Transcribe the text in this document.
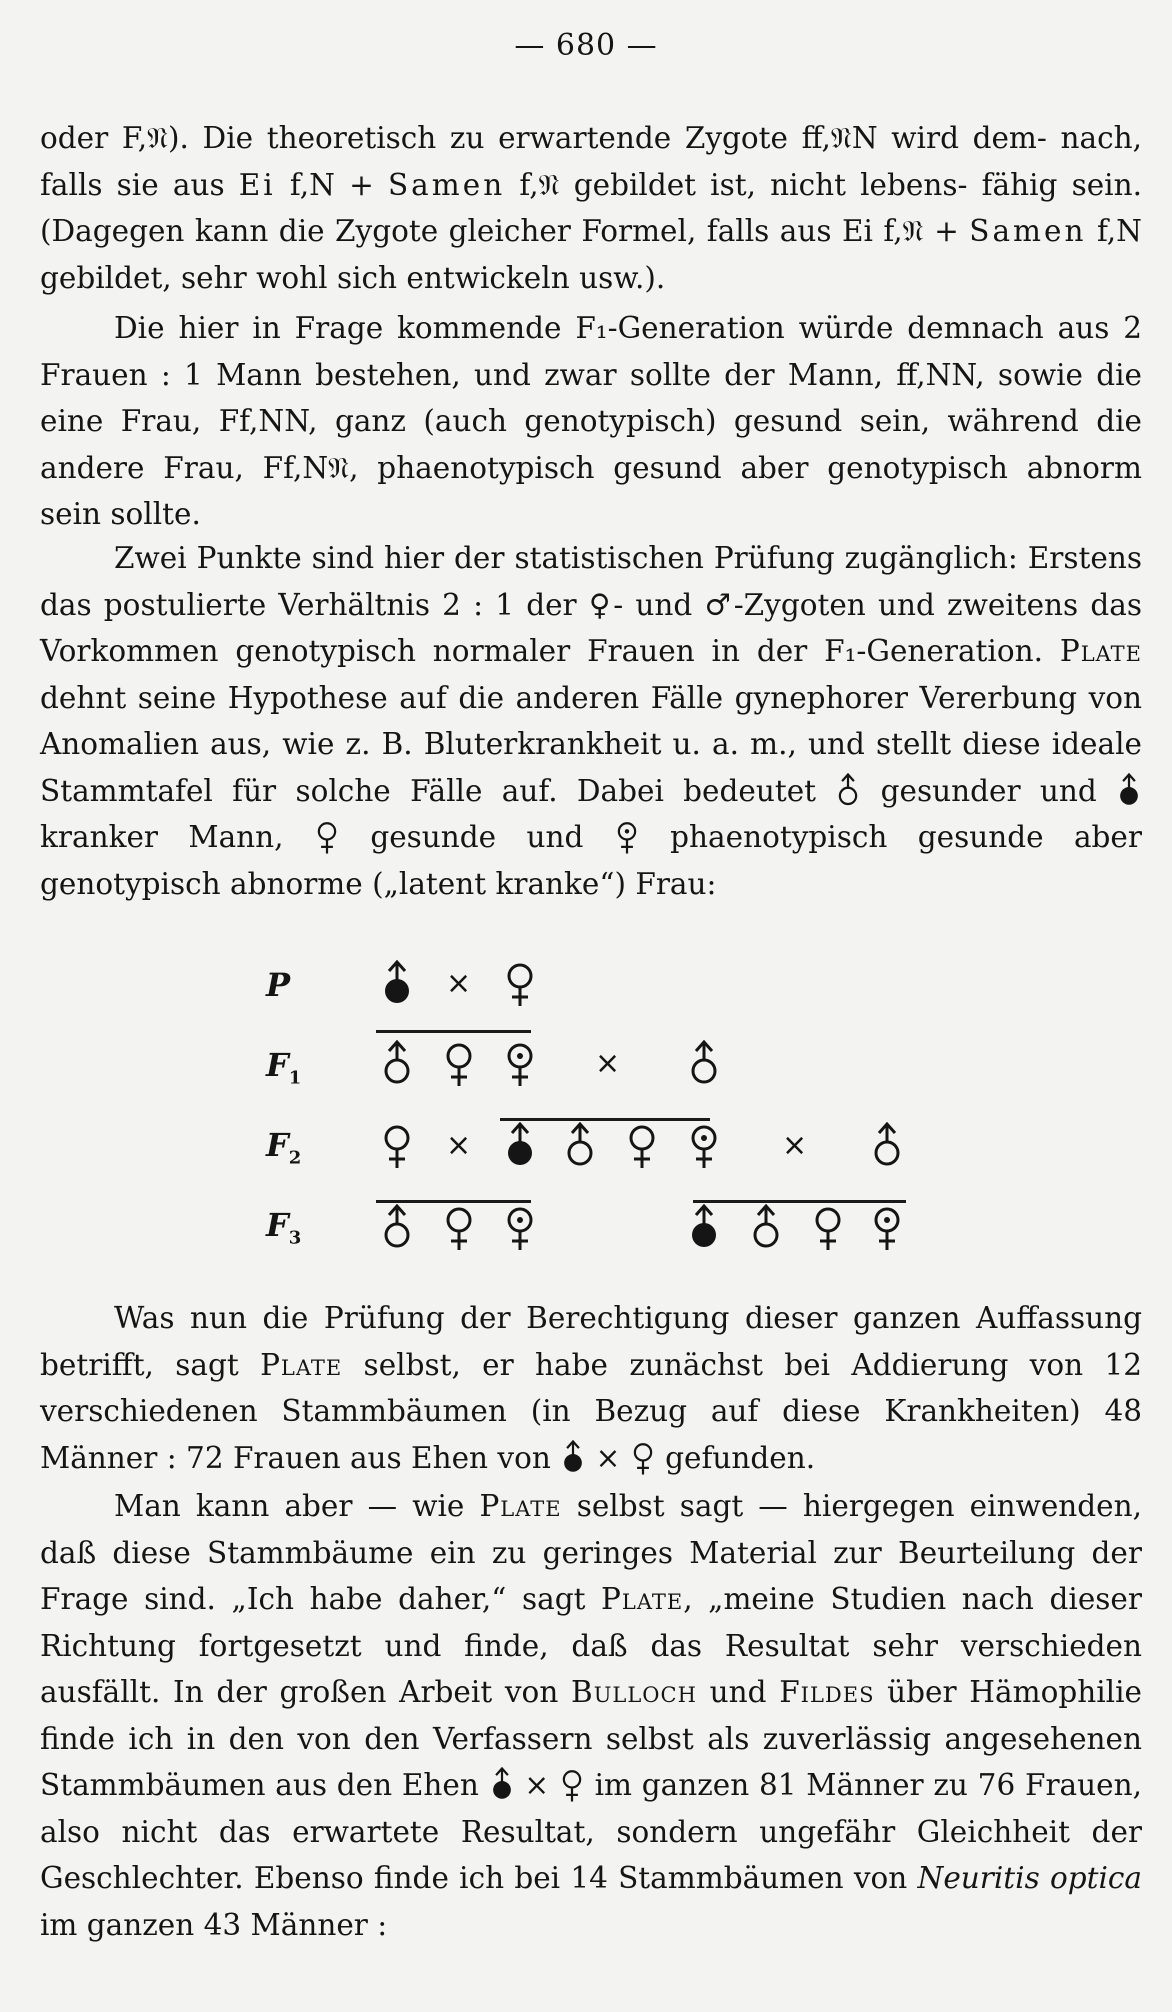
— 680 —

oder F,𝔑). Die theoretisch zu erwartende Zygote ff,𝔑N wird dem- nach, falls sie aus Ei f,N + Samen f,𝔑 gebildet ist, nicht lebens- fähig sein. (Dagegen kann die Zygote gleicher Formel, falls aus Ei f,𝔑 + Samen f,N gebildet, sehr wohl sich entwickeln usw.).

Die hier in Frage kommende F₁-Generation würde demnach aus 2 Frauen : 1 Mann bestehen, und zwar sollte der Mann, ff,NN, sowie die eine Frau, Ff,NN, ganz (auch genotypisch) gesund sein, während die andere Frau, Ff,N𝔑, phaenotypisch gesund aber genotypisch abnorm sein sollte.

Zwei Punkte sind hier der statistischen Prüfung zugänglich: Erstens das postulierte Verhältnis 2 : 1 der ♀- und ♂-Zygoten und zweitens das Vorkommen genotypisch normaler Frauen in der F₁-Generation. Plate dehnt seine Hypothese auf die anderen Fälle gynephorer Vererbung von Anomalien aus, wie z. B. Bluterkrankheit u. a. m., und stellt diese ideale Stammtafel für solche Fälle auf. Dabei bedeutet  gesunder und  kranker Mann,  gesunde und  phaenotypisch gesunde aber genotypisch abnorme („latent kranke“) Frau:

P
$F_1$
$F_2$
$F_3$
×
×
×	×

Was nun die Prüfung der Berechtigung dieser ganzen Auffassung betrifft, sagt Plate selbst, er habe zunächst bei Addierung von 12 verschiedenen Stammbäumen (in Bezug auf diese Krankheiten) 48 Männer : 72 Frauen aus Ehen von  ×  gefunden.

Man kann aber — wie Plate selbst sagt — hiergegen einwenden, daß diese Stammbäume ein zu geringes Material zur Beurteilung der Frage sind. „Ich habe daher,“ sagt Plate, „meine Studien nach dieser Richtung fortgesetzt und finde, daß das Resultat sehr verschieden ausfällt. In der großen Arbeit von Bulloch und Fildes über Hämophilie finde ich in den von den Verfassern selbst als zuverlässig angesehenen Stammbäumen aus den Ehen  ×  im ganzen 81 Männer zu 76 Frauen, also nicht das erwartete Resultat, sondern ungefähr Gleichheit der Geschlechter. Ebenso finde ich bei 14 Stammbäumen von Neuritis optica im ganzen 43 Männer :
